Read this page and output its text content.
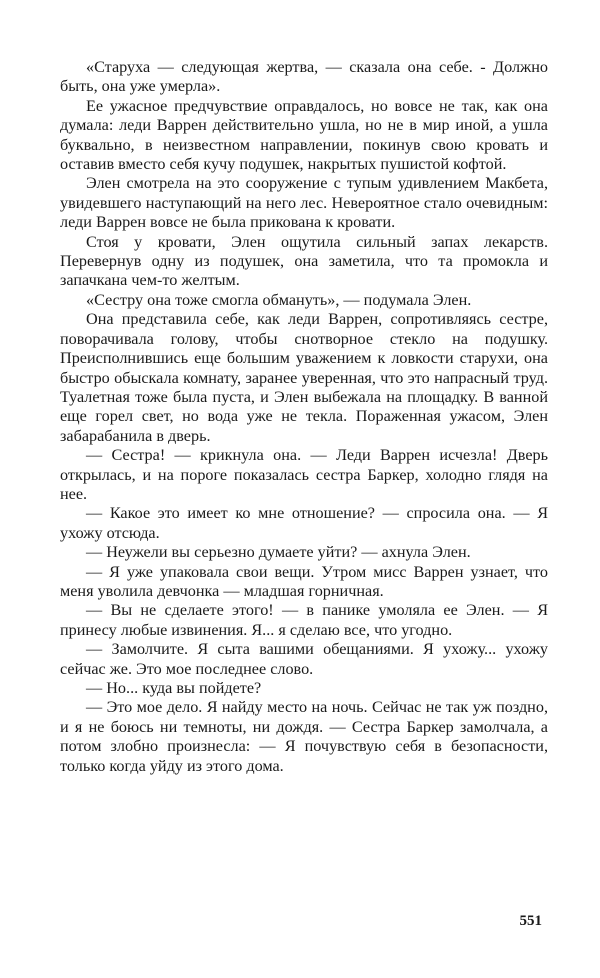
«Старуха — следующая жертва, — сказала она себе. - Должно быть, она уже умерла».

Ее ужасное предчувствие оправдалось, но вовсе не так, как она думала: леди Варрен действительно ушла, но не в мир иной, а ушла буквально, в неизвестном направлении, покинув свою кровать и оставив вместо себя кучу подушек, накрытых пушистой кофтой.

Элен смотрела на это сооружение с тупым удивлением Макбета, увидевшего наступающий на него лес. Невероятное стало очевидным: леди Варрен вовсе не была прикована к кровати.

Стоя у кровати, Элен ощутила сильный запах лекарств. Перевернув одну из подушек, она заметила, что та промокла и запачкана чем-то желтым.

«Сестру она тоже смогла обмануть», — подумала Элен.

Она представила себе, как леди Варрен, сопротивляясь сестре, поворачивала голову, чтобы снотворное стекло на подушку. Преисполнившись еще большим уважением к ловкости старухи, она быстро обыскала комнату, заранее уверенная, что это напрасный труд. Туалетная тоже была пуста, и Элен выбежала на площадку. В ванной еще горел свет, но вода уже не текла. Пораженная ужасом, Элен забарабанила в дверь.

— Сестра! — крикнула она. — Леди Варрен исчезла! Дверь открылась, и на пороге показалась сестра Баркер, холодно глядя на нее.

— Какое это имеет ко мне отношение? — спросила она. — Я ухожу отсюда.

— Неужели вы серьезно думаете уйти? — ахнула Элен.

— Я уже упаковала свои вещи. Утром мисс Варрен узнает, что меня уволила девчонка — младшая горничная.

— Вы не сделаете этого! — в панике умоляла ее Элен. — Я принесу любые извинения. Я... я сделаю все, что угодно.

— Замолчите. Я сыта вашими обещаниями. Я ухожу... ухожу сейчас же. Это мое последнее слово.

— Но... куда вы пойдете?

— Это мое дело. Я найду место на ночь. Сейчас не так уж поздно, и я не боюсь ни темноты, ни дождя. — Сестра Баркер замолчала, а потом злобно произнесла: — Я почувствую себя в безопасности, только когда уйду из этого дома.

551
